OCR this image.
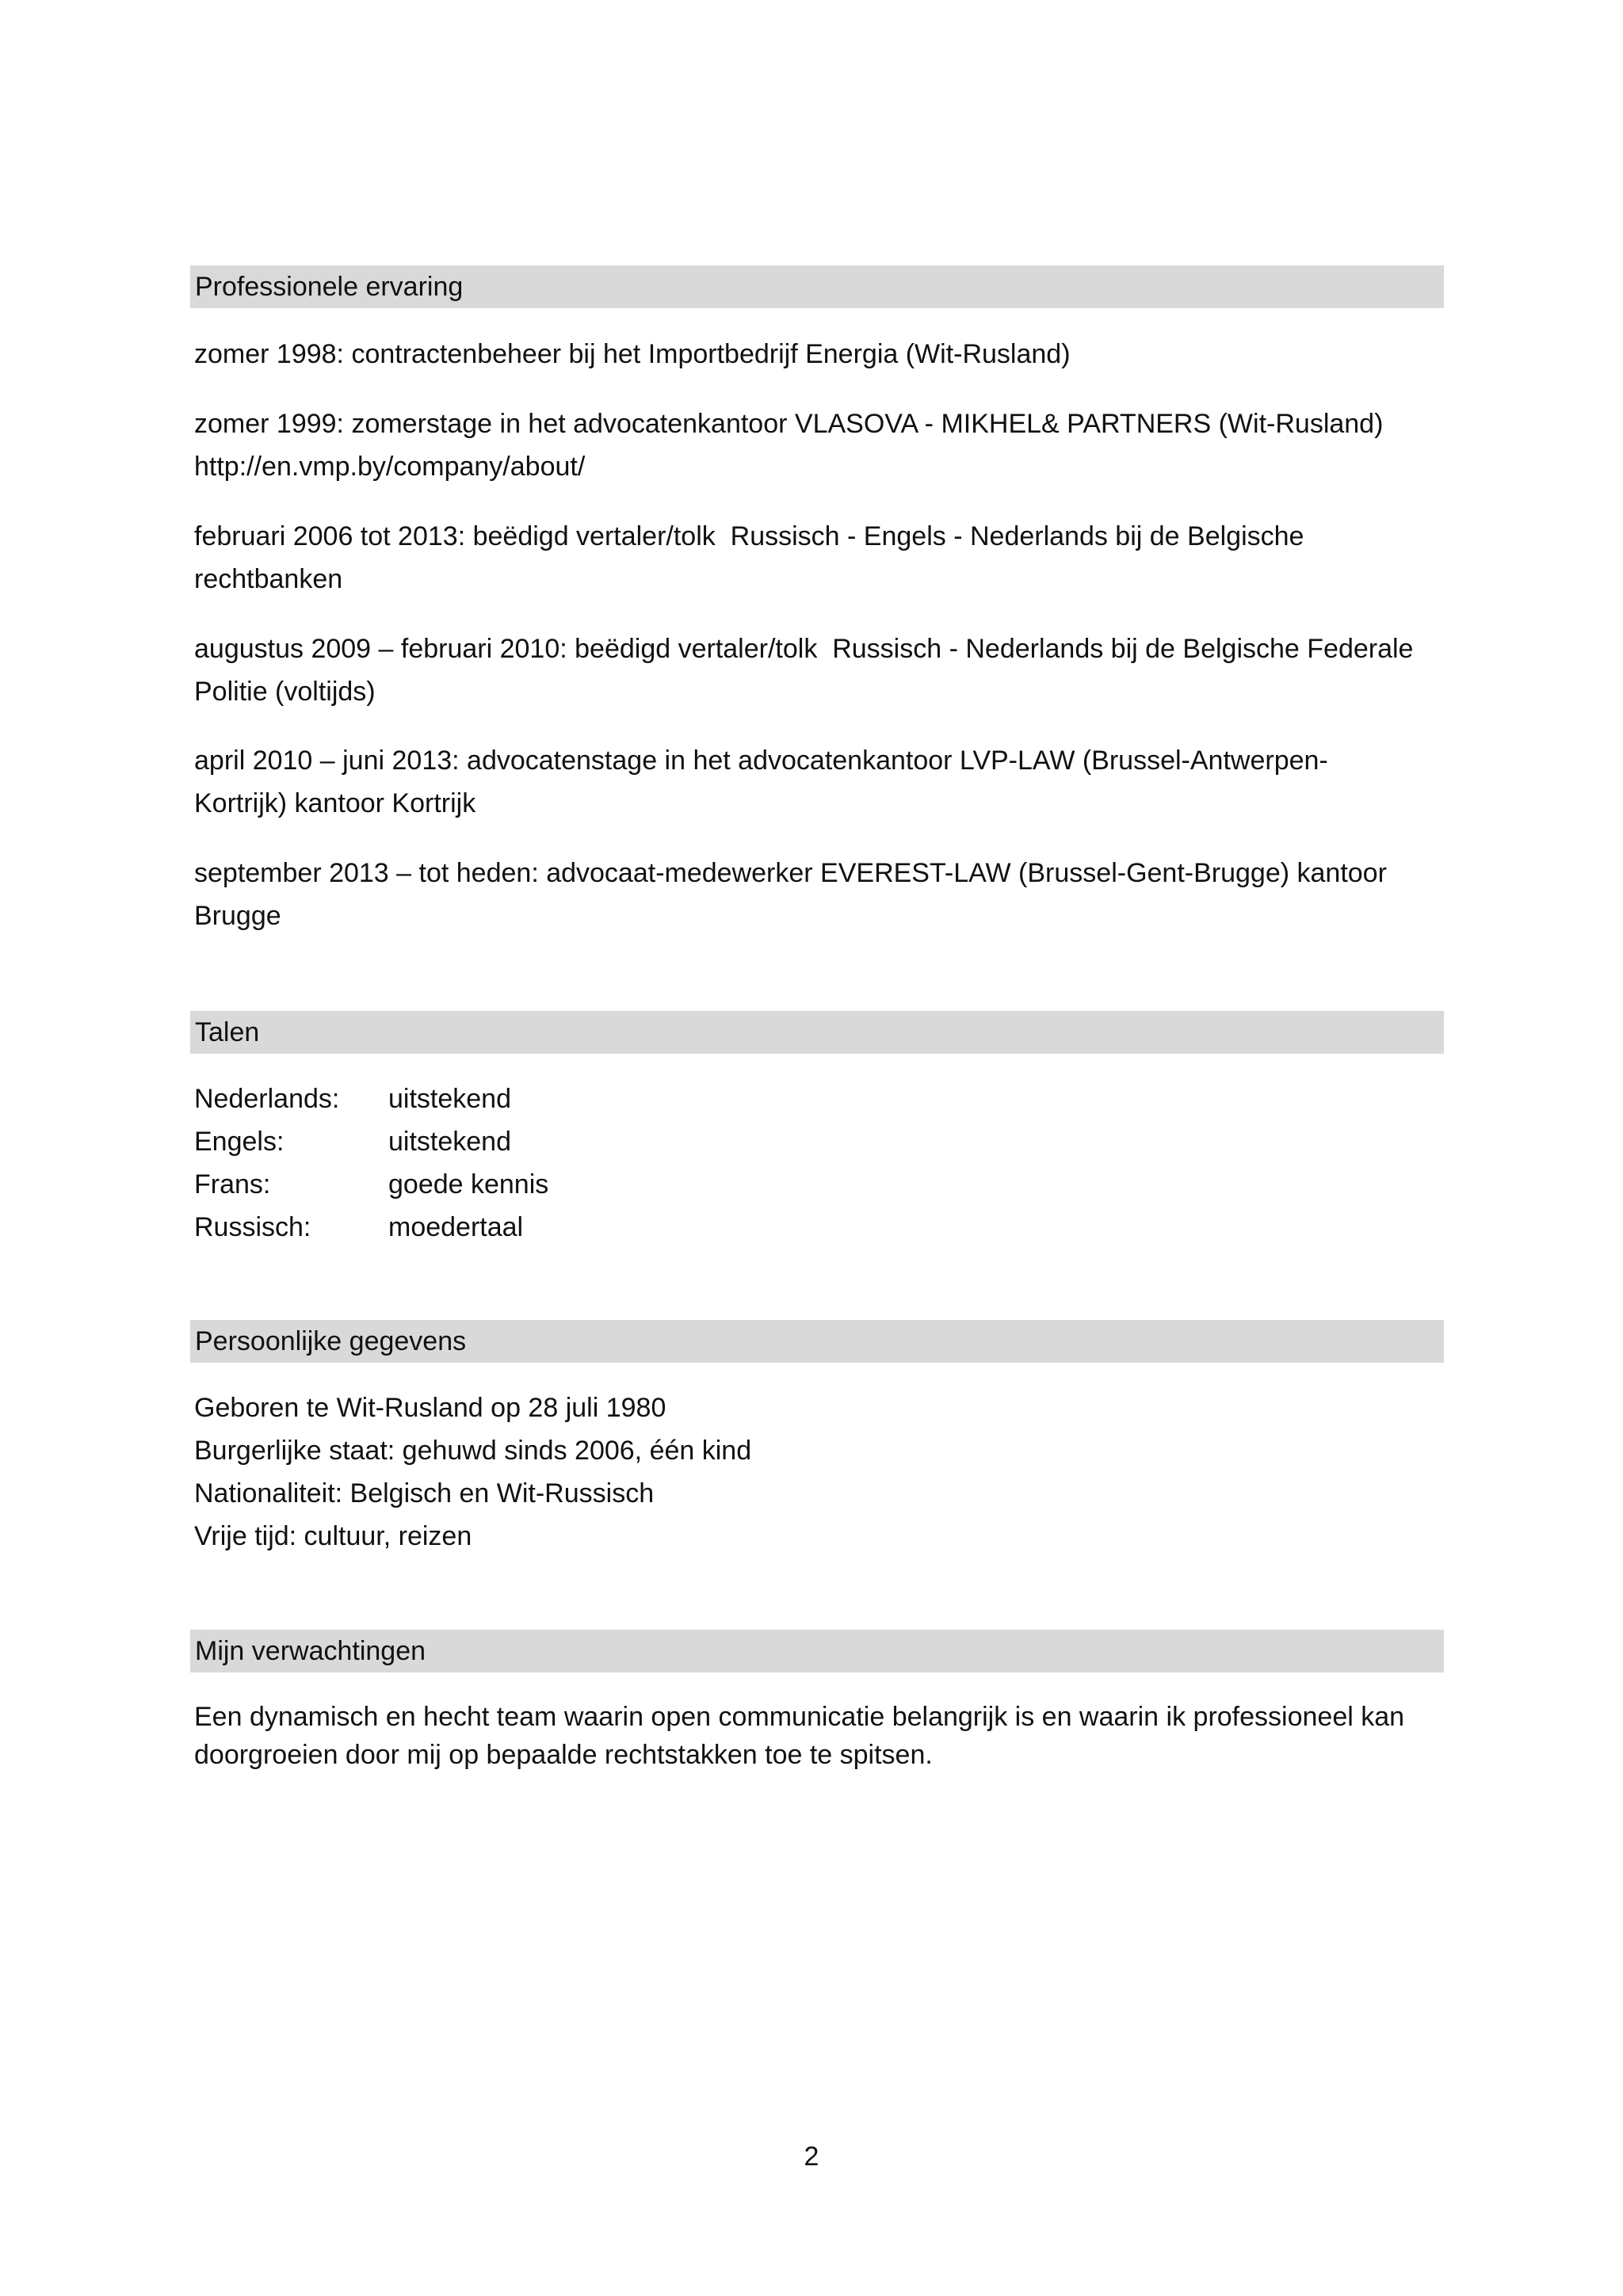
Professionele ervaring
zomer 1998: contractenbeheer bij het Importbedrijf Energia (Wit-Rusland)
zomer 1999: zomerstage in het advocatenkantoor VLASOVA - MIKHEL& PARTNERS (Wit-Rusland)
http://en.vmp.by/company/about/
februari 2006 tot 2013: beëdigd vertaler/tolk  Russisch - Engels - Nederlands bij de Belgische
rechtbanken
augustus 2009 – februari 2010: beëdigd vertaler/tolk  Russisch - Nederlands bij de Belgische Federale
Politie (voltijds)
april 2010 – juni 2013: advocatenstage in het advocatenkantoor LVP-LAW (Brussel-Antwerpen-
Kortrijk) kantoor Kortrijk
september 2013 – tot heden: advocaat-medewerker EVEREST-LAW (Brussel-Gent-Brugge) kantoor
Brugge
Talen
Nederlands: uitstekend
Engels:	uitstekend
Frans:	goede kennis
Russisch:	moedertaal
Persoonlijke gegevens
Geboren te Wit-Rusland op 28 juli 1980
Burgerlijke staat: gehuwd sinds 2006, één kind
Nationaliteit: Belgisch en Wit-Russisch
Vrije tijd: cultuur, reizen
Mijn verwachtingen
Een dynamisch en hecht team waarin open communicatie belangrijk is en waarin ik professioneel kan
doorgroeien door mij op bepaalde rechtstakken toe te spitsen.
2
